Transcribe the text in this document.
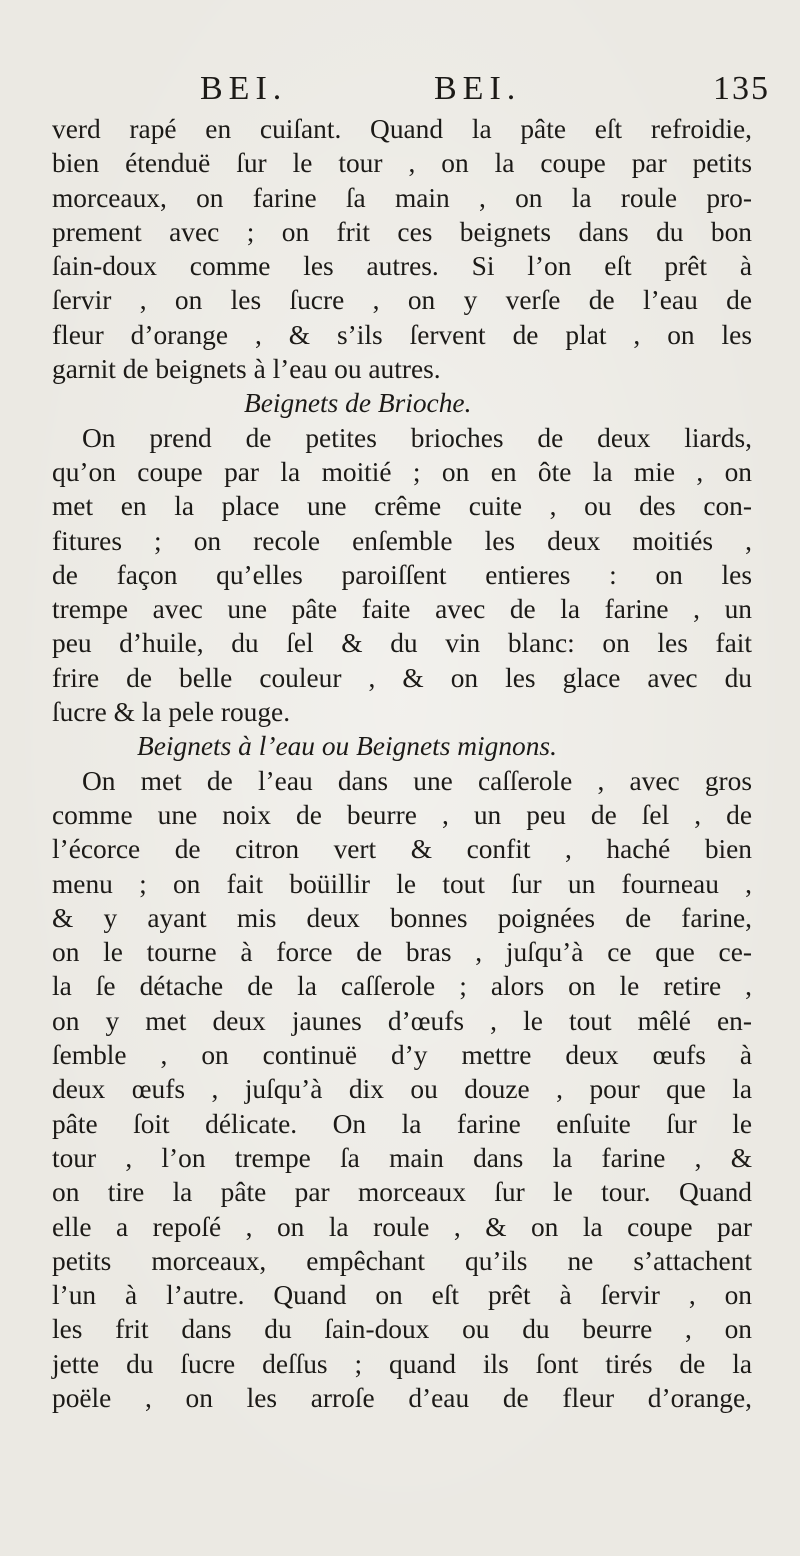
BEI.	BEI.	135
verd rapé en cuiſant. Quand la pâte eſt refroidie,
bien étenduë ſur le tour , on la coupe par petits
morceaux, on farine ſa main , on la roule pro-
prement avec ; on frit ces beignets dans du bon
ſain-doux comme les autres. Si l’on eſt prêt à
ſervir , on les ſucre , on y verſe de l’eau de
fleur d’orange , & s’ils ſervent de plat , on les
garnit de beignets à l’eau ou autres.
Beignets de Brioche.
On prend de petites brioches de deux liards,
qu’on coupe par la moitié ; on en ôte la mie , on
met en la place une crême cuite , ou des con-
fitures ; on recole enſemble les deux moitiés ,
de façon qu’elles paroiſſent entieres : on les
trempe avec une pâte faite avec de la farine , un
peu d’huile, du ſel & du vin blanc: on les fait
frire de belle couleur , & on les glace avec du
ſucre & la pele rouge.
Beignets à l’eau ou Beignets mignons.
On met de l’eau dans une caſſerole , avec gros
comme une noix de beurre , un peu de ſel , de
l’écorce de citron vert & confit , haché bien
menu ; on fait boüillir le tout ſur un fourneau ,
& y ayant mis deux bonnes poignées de farine,
on le tourne à force de bras , juſqu’à ce que ce-
la ſe détache de la caſſerole ; alors on le retire ,
on y met deux jaunes d’œufs , le tout mêlé en-
ſemble , on continuë d’y mettre deux œufs à
deux œufs , juſqu’à dix ou douze , pour que la
pâte ſoit délicate. On la farine enſuite ſur le
tour , l’on trempe ſa main dans la farine , &
on tire la pâte par morceaux ſur le tour. Quand
elle a repoſé , on la roule , & on la coupe par
petits morceaux, empêchant qu’ils ne s’attachent
l’un à l’autre. Quand on eſt prêt à ſervir , on
les frit dans du ſain-doux ou du beurre , on
jette du ſucre deſſus ; quand ils ſont tirés de la
poële , on les arroſe d’eau de fleur d’orange,
